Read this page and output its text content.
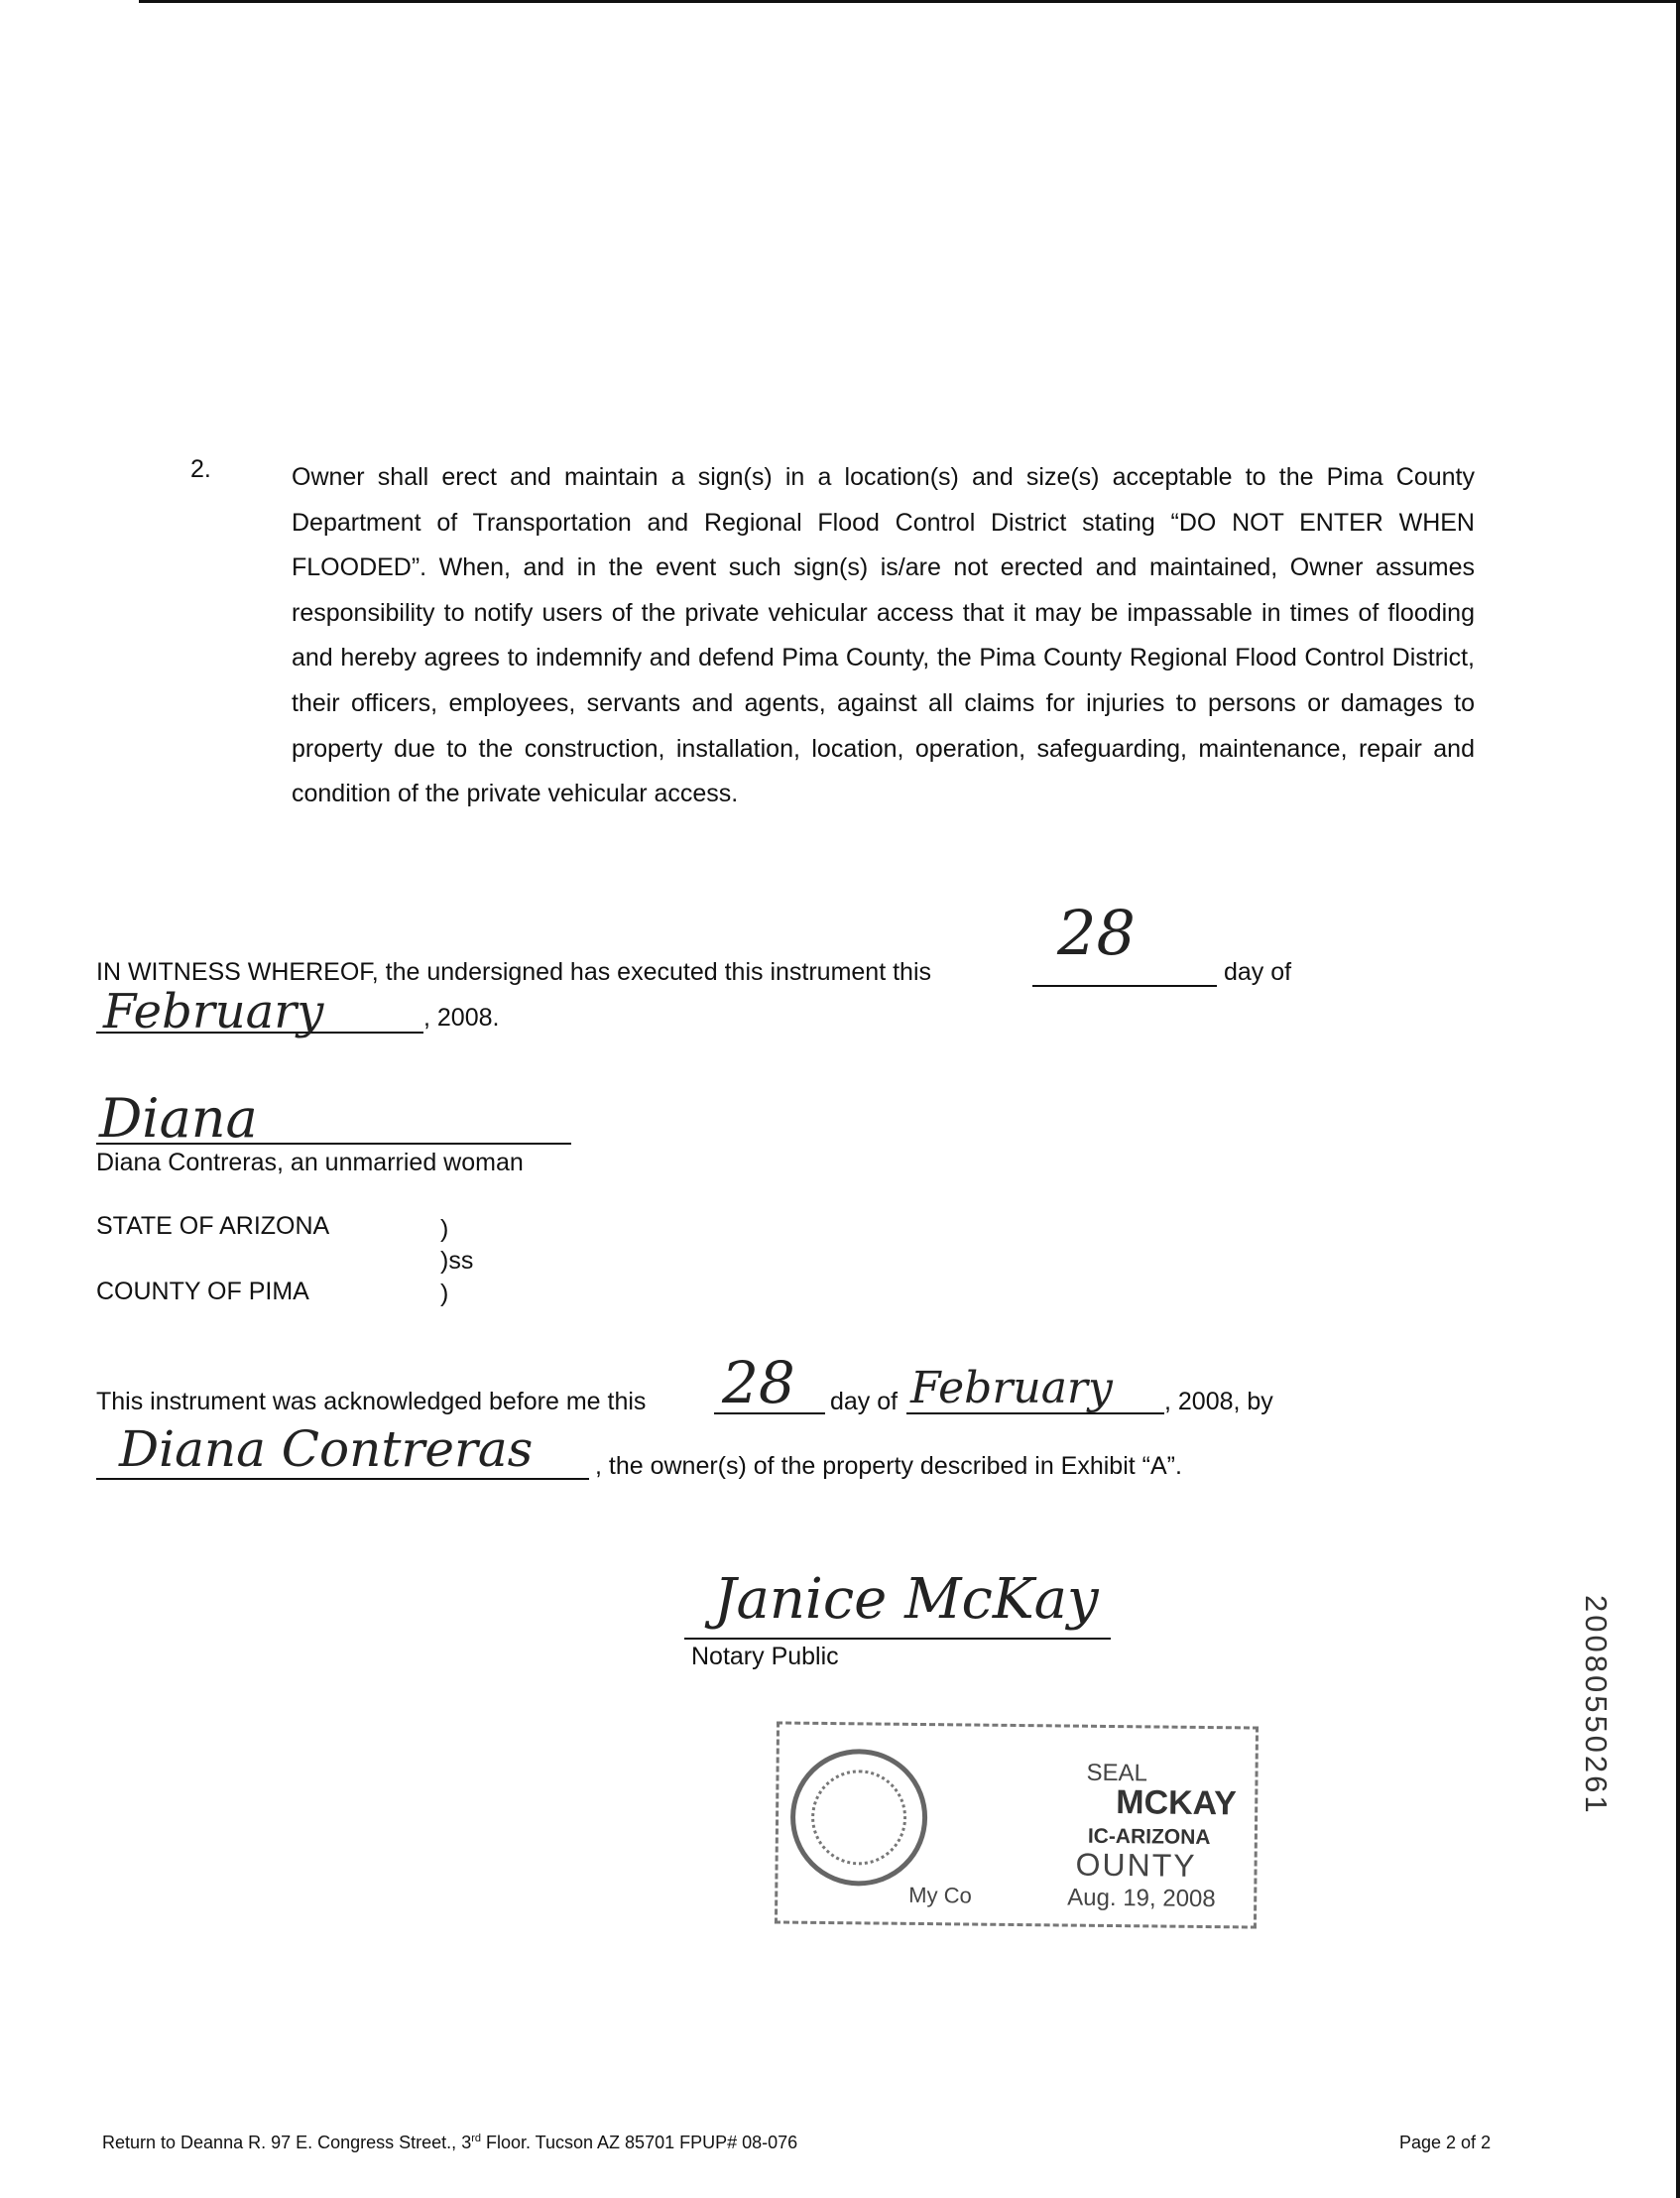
2.	Owner shall erect and maintain a sign(s) in a location(s) and size(s) acceptable to the Pima County Department of Transportation and Regional Flood Control District stating “DO NOT ENTER WHEN FLOODED”. When, and in the event such sign(s) is/are not erected and maintained, Owner assumes responsibility to notify users of the private vehicular access that it may be impassable in times of flooding and hereby agrees to indemnify and defend Pima County, the Pima County Regional Flood Control District, their officers, employees, servants and agents, against all claims for injuries to persons or damages to property due to the construction, installation, location, operation, safeguarding, maintenance, repair and condition of the private vehicular access.
IN WITNESS WHEREOF, the undersigned has executed this instrument this
28
day of
February	, 2008.
Diana
Diana Contreras, an unmarried woman
STATE OF ARIZONA	)
)ss
COUNTY OF PIMA	)
This instrument was acknowledged before me this 28 day of February , 2008, by
Diana Contreras	, the owner(s) of the property described in Exhibit “A”.
Janice McKay
Notary Public
SEAL
MCKAY
IC-ARIZONA
OUNTY
My Co	Aug. 19, 2008
20080550261
Return to Deanna R. 97 E. Congress Street., 3rd Floor. Tucson AZ 85701 FPUP# 08-076	Page 2 of 2
